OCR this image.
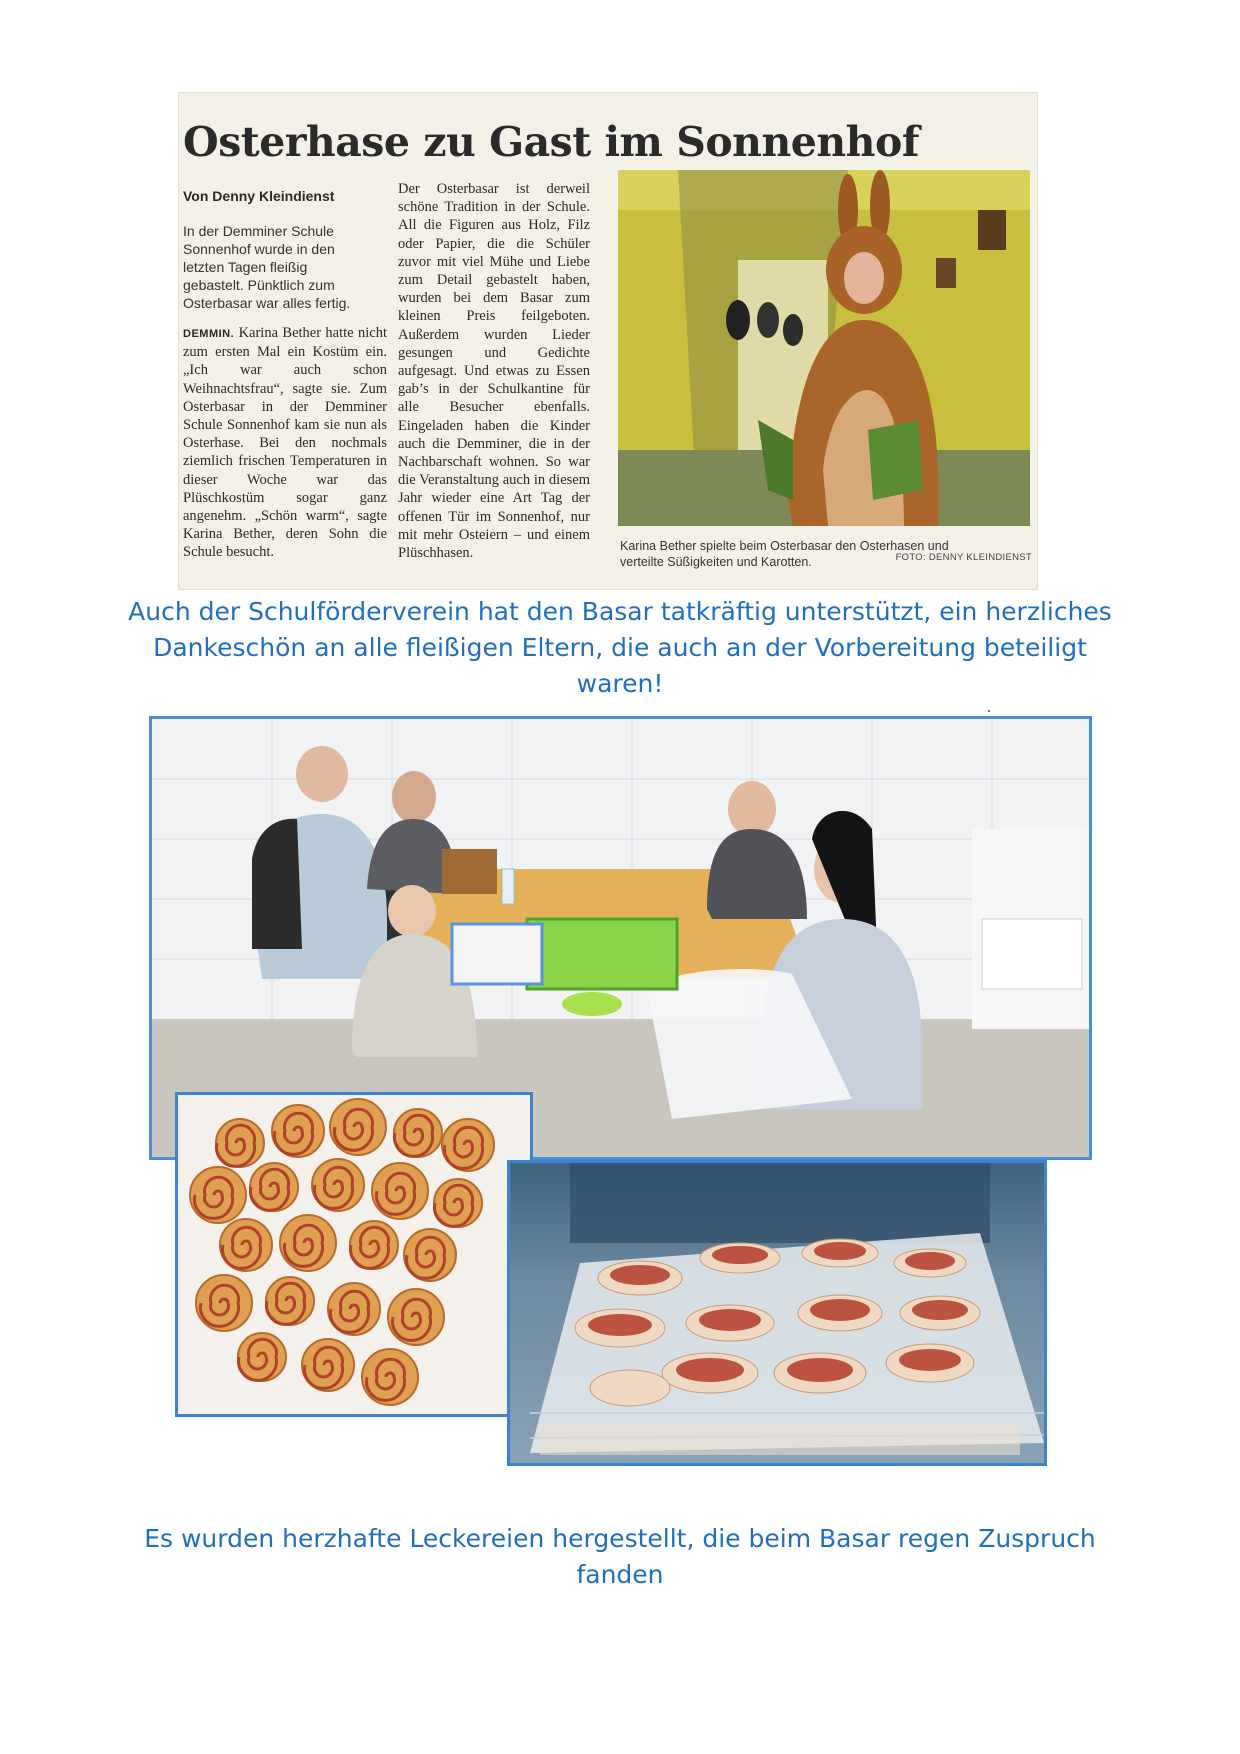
Osterhase zu Gast im Sonnenhof
Von Denny Kleindienst
In der Demminer Schule Sonnenhof wurde in den letzten Tagen fleißig gebastelt. Pünktlich zum Osterbasar war alles fertig.
DEMMIN. Karina Bether hatte nicht zum ersten Mal ein Kostüm ein. „Ich war auch schon Weihnachtsfrau“, sagte sie. Zum Osterbasar in der Demminer Schule Sonnenhof kam sie nun als Osterhase. Bei den nochmals ziemlich frischen Temperaturen in dieser Woche war das Plüschkostüm sogar ganz angenehm. „Schön warm“, sagte Karina Bether, deren Sohn die Schule besucht.
Der Osterbasar ist derweil schöne Tradition in der Schule. All die Figuren aus Holz, Filz oder Papier, die die Schüler zuvor mit viel Mühe und Liebe zum Detail gebastelt haben, wurden bei dem Basar zum kleinen Preis feilgeboten. Außerdem wurden Lieder gesungen und Gedichte aufgesagt. Und etwas zu Essen gab’s in der Schulkantine für alle Besucher ebenfalls. Eingeladen haben die Kinder auch die Demminer, die in der Nachbarschaft wohnen. So war die Veranstaltung auch in diesem Jahr wieder eine Art Tag der offenen Tür im Sonnenhof, nur mit mehr Osteiern – und einem Plüschhasen.	Karina Bether spielte beim Osterbasar den Osterhasen und verteilte Süßigkeiten und Karotten.	FOTO: DENNY KLEINDIENST

Auch der Schulförderverein hat den Basar tatkräftig unterstützt, ein herzliches Dankeschön an alle fleißigen Eltern, die auch an der Vorbereitung beteiligt waren!

Es wurden herzhafte Leckereien hergestellt, die beim Basar regen Zuspruch fanden
